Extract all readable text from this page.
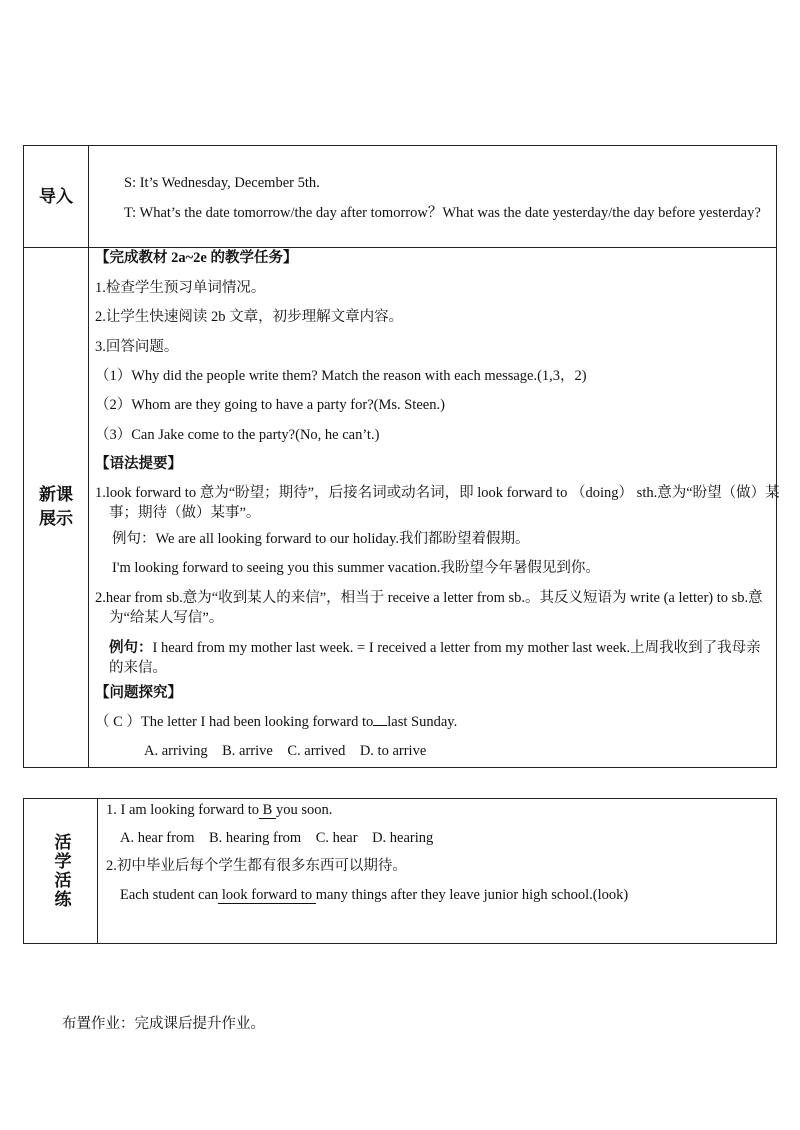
导入
新课
展示
S: It’s Wednesday, December 5th.
T: What’s the date tomorrow/the day after tomorrow？What was the date yesterday/the day before yesterday?
【完成教材 2a~2e 的教学任务】
1.检查学生预习单词情况。
2.让学生快速阅读 2b 文章，初步理解文章内容。
3.回答问题。
（1）Why did the people write them? Match the reason with each message.(1,3，2)
（2）Whom are they going to have a party for?(Ms. Steen.)
（3）Can Jake come to the party?(No, he can’t.)
【语法提要】
1.look forward to 意为“盼望；期待”，后接名词或动名词，即 look forward to （doing） sth.意为“盼望（做）某事；期待（做）某事”。
例句：We are all looking forward to our holiday.我们都盼望着假期。
I'm looking forward to seeing you this summer vacation.我盼望今年暑假见到你。
2.hear from sb.意为“收到某人的来信”，相当于 receive a letter from sb.。其反义短语为 write (a letter) to sb.意为“给某人写信”。
例句：I heard from my mother last week. = I received a letter from my mother last week.上周我收到了我母亲的来信。
【问题探究】
（ C ）The letter I had been looking forward to last Sunday.
A. arriving    B. arrive    C. arrived    D. to arrive
活学活练
1. I am looking forward to B you soon.
A. hear from    B. hearing from    C. hear    D. hearing
2.初中毕业后每个学生都有很多东西可以期待。
Each student can look forward to many things after they leave junior high school.(look)
布置作业：完成课后提升作业。
